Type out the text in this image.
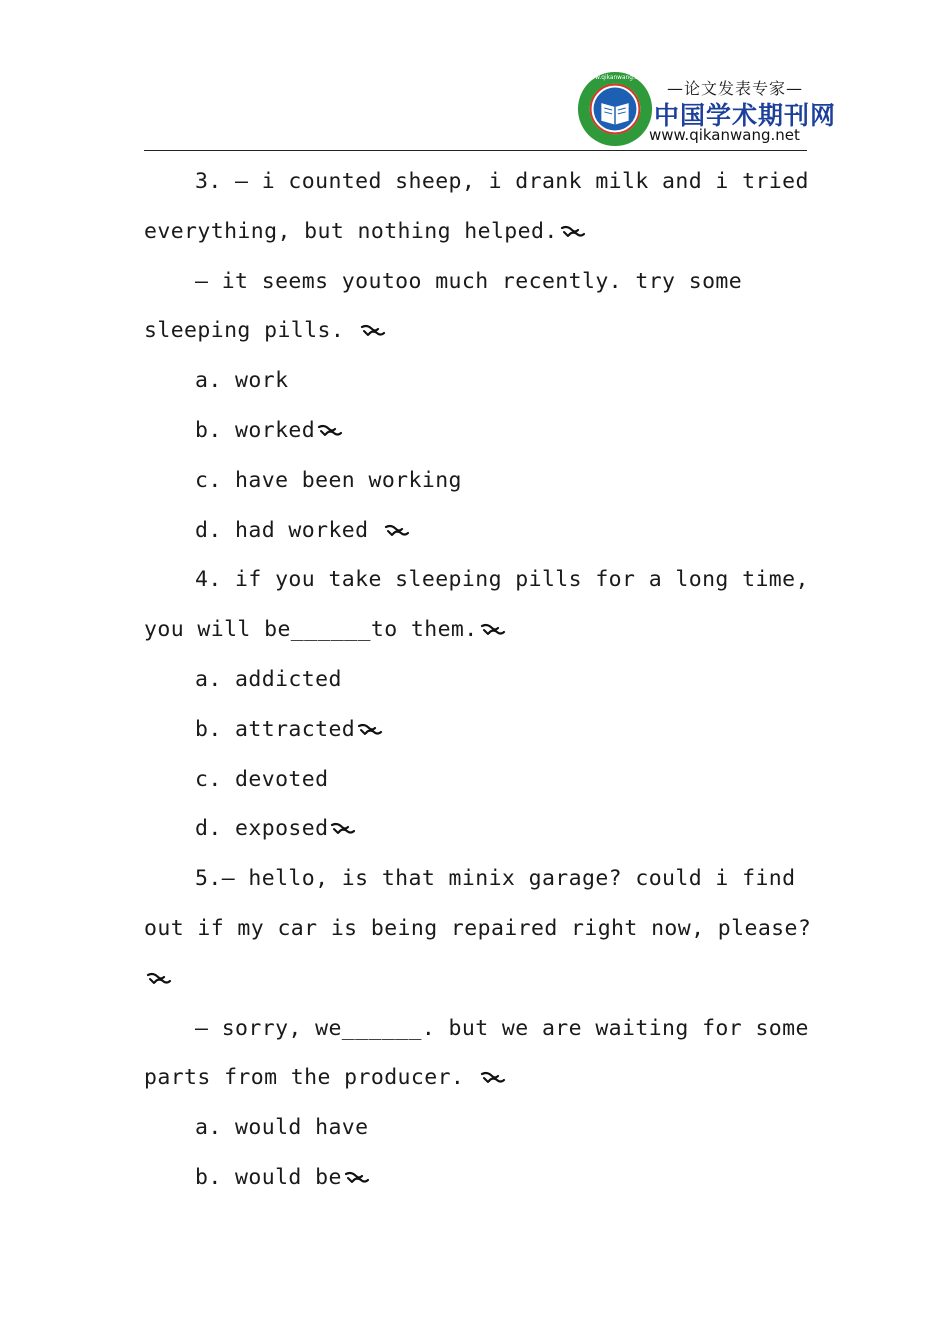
www.qikanwang.net
—论文发表专家—
中国学术期刊网
www.qikanwang.net
3. — i counted sheep, i drank milk and i tried
everything, but nothing helped.
— it seems youtoo much recently. try some
sleeping pills.
a. work
b. worked
c. have been working
d. had worked
4. if you take sleeping pills for a long time,
you will be______to them.
a. addicted
b. attracted
c. devoted
d. exposed
5.— hello, is that minix garage? could i find
out if my car is being repaired right now, please?
— sorry, we______. but we are waiting for some
parts from the producer.
a. would have
b. would be
